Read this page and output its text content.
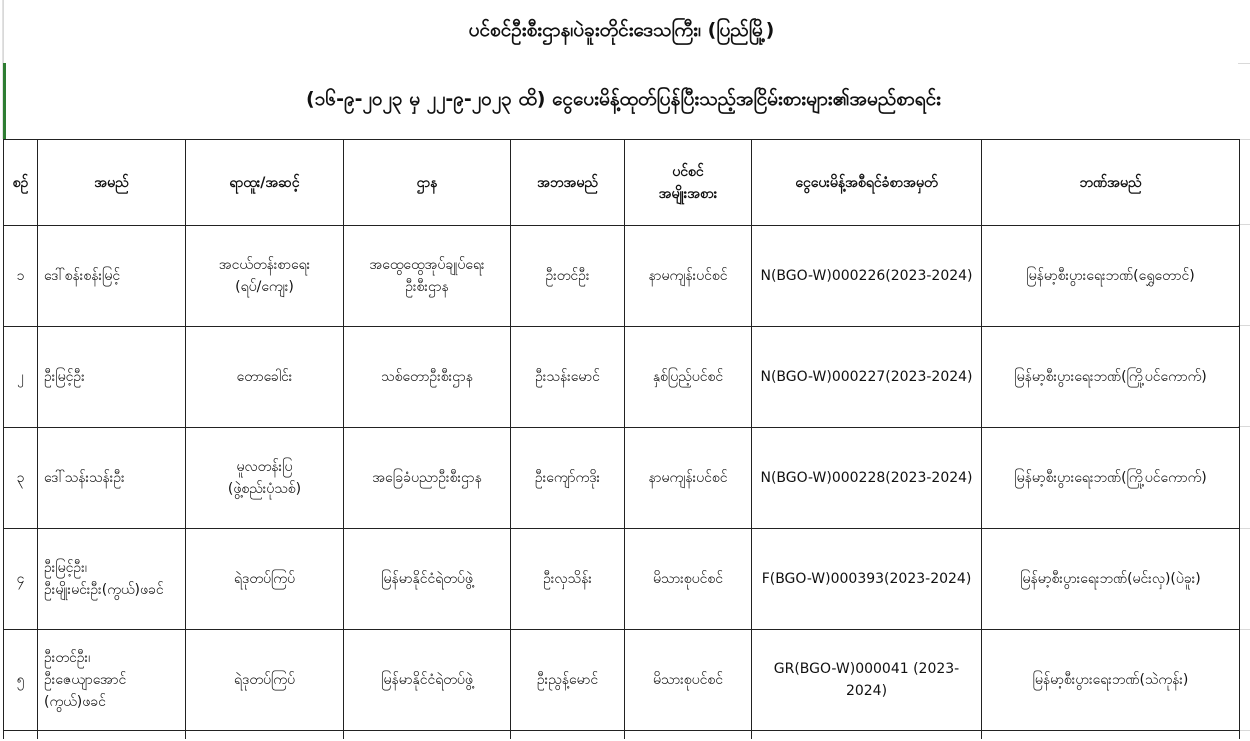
ပင်စင်ဦးစီးဌာန၊ပဲခူးတိုင်းဒေသကြီး၊ (ပြည်မြို့)
(၁၆-၉-၂၀၂၃ မှ ၂၂-၉-၂၀၂၃ ထိ) ငွေပေးမိန့်ထုတ်ပြန်ပြီးသည့်အငြိမ်းစားများ၏အမည်စာရင်း
စဉ်	အမည်	ရာထူး/အဆင့်	ဌာန	အဘအမည်	ပင်စင်
အမျိုးအစား	ငွေပေးမိန့်အစီရင်ခံစာအမှတ်	ဘဏ်အမည်
၁	ဒေါ်စန်းစန်းမြင့်	အငယ်တန်းစာရေး
(ရပ်/ကျေး)	အထွေထွေအုပ်ချုပ်ရေး
ဦးစီးဌာန	ဦးတင်ဦး	နာမကျန်းပင်စင်	N(BGO-W)000226(2023-2024)	မြန်မာ့စီးပွားရေးဘဏ်(ရွှေတောင်)
၂	ဦးမြင့်ဦး	တောခေါင်း	သစ်တောဦးစီးဌာန	ဦးသန်းမောင်	နှစ်ပြည့်ပင်စင်	N(BGO-W)000227(2023-2024)	မြန်မာ့စီးပွားရေးဘဏ်(ကြို့ပင်ကောက်)
၃	ဒေါ်သန်းသန်းဦး	မူလတန်းပြ
(ဖွဲ့စည်းပုံသစ်)	အခြေခံပညာဦးစီးဌာန	ဦးကျော်ကဒိုး	နာမကျန်းပင်စင်	N(BGO-W)000228(2023-2024)	မြန်မာ့စီးပွားရေးဘဏ်(ကြို့ပင်ကောက်)
၄	ဦးမြင့်ဦး၊
ဦးမျိုးမင်းဦး(ကွယ်)ဖခင်	ရဲဒုတပ်ကြပ်	မြန်မာနိုင်ငံရဲတပ်ဖွဲ့	ဦးလှသိန်း	မိသားစုပင်စင်	F(BGO-W)000393(2023-2024)	မြန်မာ့စီးပွားရေးဘဏ်(မင်းလှ)(ပဲခူး)
၅	ဦးတင်ဦး၊
ဦးဇေယျာအောင်
(ကွယ်)ဖခင်	ရဲဒုတပ်ကြပ်	မြန်မာနိုင်ငံရဲတပ်ဖွဲ့	ဦးညွန့်မောင်	မိသားစုပင်စင်	GR(BGO-W)000041 (2023-2024)	မြန်မာ့စီးပွားရေးဘဏ်(သဲကုန်း)
